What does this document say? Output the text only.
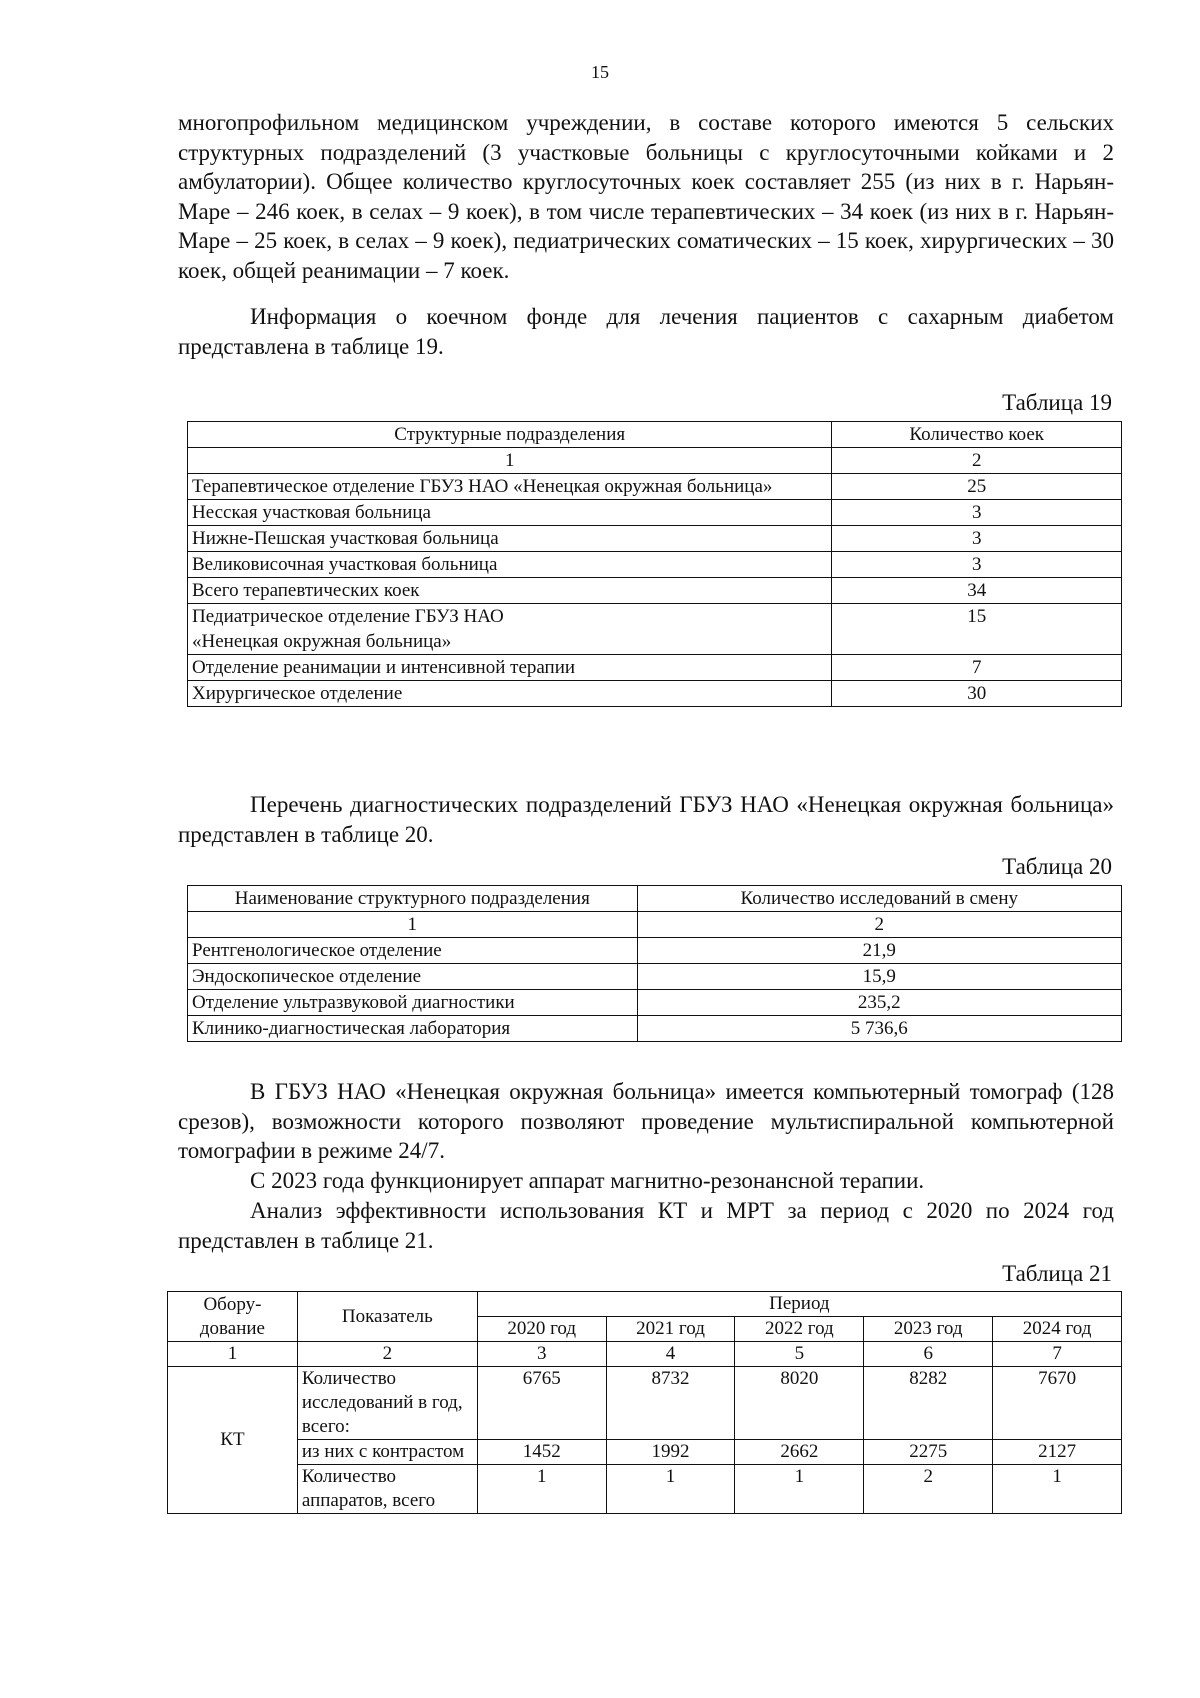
15
многопрофильном медицинском учреждении, в составе которого имеются 5 сельских структурных подразделений (3 участковые больницы с круглосуточными койками и 2 амбулатории). Общее количество круглосуточных коек составляет 255 (из них в г. Нарьян-Маре – 246 коек, в селах – 9 коек), в том числе терапевтических – 34 коек (из них в г. Нарьян-Маре – 25 коек, в селах – 9 коек), педиатрических соматических – 15 коек, хирургических – 30 коек, общей реанимации – 7 коек.
Информация о коечном фонде для лечения пациентов с сахарным диабетом представлена в таблице 19.
Таблица 19
Структурные подразделения	Количество коек
1	2
Терапевтическое отделение ГБУЗ НАО «Ненецкая окружная больница»	25
Несская участковая больница	3
Нижне-Пешская участковая больница	3
Великовисочная участковая больница	3
Всего терапевтических коек	34
Педиатрическое отделение ГБУЗ НАО «Ненецкая окружная больница»	15
Отделение реанимации и интенсивной терапии	7
Хирургическое отделение	30
Перечень диагностических подразделений ГБУЗ НАО «Ненецкая окружная больница» представлен в таблице 20.
Таблица 20
Наименование структурного подразделения	Количество исследований в смену
1	2
Рентгенологическое отделение	21,9
Эндоскопическое отделение	15,9
Отделение ультразвуковой диагностики	235,2
Клинико-диагностическая лаборатория	5 736,6
В ГБУЗ НАО «Ненецкая окружная больница» имеется компьютерный томограф (128 срезов), возможности которого позволяют проведение мультиспиральной компьютерной томографии в режиме 24/7.
С 2023 года функционирует аппарат магнитно-резонансной терапии.
Анализ эффективности использования КТ и МРТ за период с 2020 по 2024 год представлен в таблице 21.
Таблица 21
Обору-дование	Показатель	Период				
		2020 год	2021 год	2022 год	2023 год	2024 год
1	2	3	4	5	6	7
КТ	Количество исследований в год, всего:	6765	8732	8020	8282	7670
	из них с контрастом	1452	1992	2662	2275	2127
	Количество аппаратов, всего	1	1	1	2	1
